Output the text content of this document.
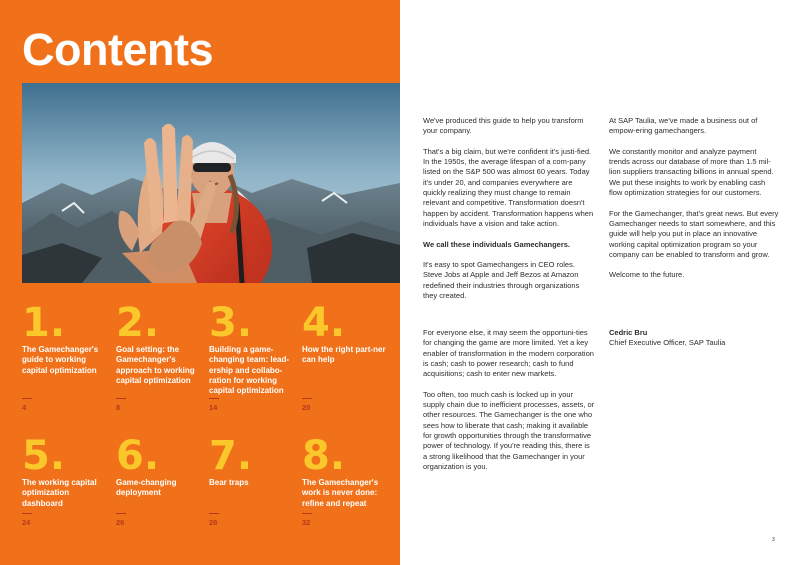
Contents
1.
The Gamechanger's guide to working capital optimization
4
2.
Goal setting: the Gamechanger's approach to working capital optimization
8
3.
Building a game-changing team: lead-ership and collabo-ration for working capital optimization
14
4.
How the right part-ner can help
20
5.
The working capital optimization dashboard
24
6.
Game-changing deployment
26
7.
Bear traps
28
8.
The Gamechanger's work is never done: refine and repeat
32

We've produced this guide to help you transform your company.

That's a big claim, but we're confident it's justi-fied. In the 1950s, the average lifespan of a com-pany listed on the S&P 500 was almost 60 years. Today it's under 20, and companies everywhere are quickly realizing they must change to remain relevant and competitive. Transformation doesn't happen by accident. Transformation happens when individuals have a vision and take action.

We call these individuals Gamechangers.

It's easy to spot Gamechangers in CEO roles. Steve Jobs at Apple and Jeff Bezos at Amazon redefined their industries through organizations they created.

For everyone else, it may seem the opportuni-ties for changing the game are more limited. Yet a key enabler of transformation in the modern corporation is cash; cash to power research; cash to fund acquisitions; cash to enter new markets.

Too often, too much cash is locked up in your supply chain due to inefficient processes, assets, or other resources. The Gamechanger is the one who sees how to liberate that cash; making it available for growth opportunities through the transformative power of technology. If you're reading this, there is a strong likelihood that the Gamechanger in your organization is you.

At SAP Taulia, we've made a business out of empow-ering gamechangers.

We constantly monitor and analyze payment trends across our database of more than 1.5 mil-lion suppliers transacting billions in annual spend. We put these insights to work by enabling cash flow optimization strategies for our customers.

For the Gamechanger, that's great news. But every Gamechanger needs to start somewhere, and this guide will help you put in place an innovative working capital optimization program so your company can be enabled to transform and grow.

Welcome to the future.

Cedric Bru
Chief Executive Officer, SAP Taulia
3
